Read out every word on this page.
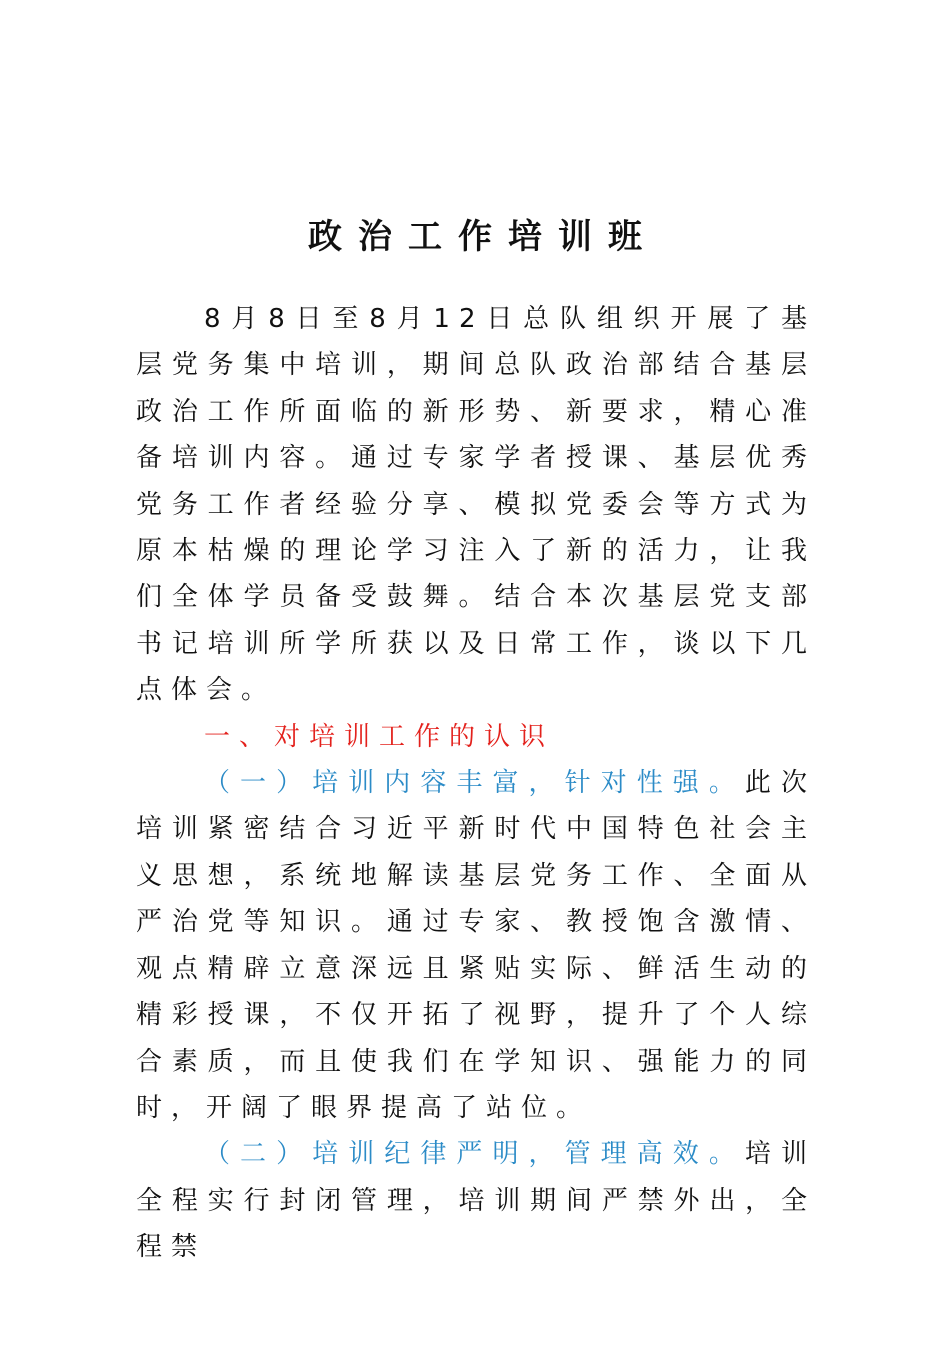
政治工作培训班

8月8日至8月12日总队组织开展了基层党务集中培训，期间总队政治部结合基层政治工作所面临的新形势、新要求，精心准备培训内容。通过专家学者授课、基层优秀党务工作者经验分享、模拟党委会等方式为原本枯燥的理论学习注入了新的活力，让我们全体学员备受鼓舞。结合本次基层党支部书记培训所学所获以及日常工作，谈以下几点体会。

一、对培训工作的认识

（一）培训内容丰富，针对性强。此次培训紧密结合习近平新时代中国特色社会主义思想，系统地解读基层党务工作、全面从严治党等知识。通过专家、教授饱含激情、观点精辟立意深远且紧贴实际、鲜活生动的精彩授课，不仅开拓了视野，提升了个人综合素质，而且使我们在学知识、强能力的同时，开阔了眼界提高了站位。

（二）培训纪律严明，管理高效。培训全程实行封闭管理，培训期间严禁外出，全程禁
